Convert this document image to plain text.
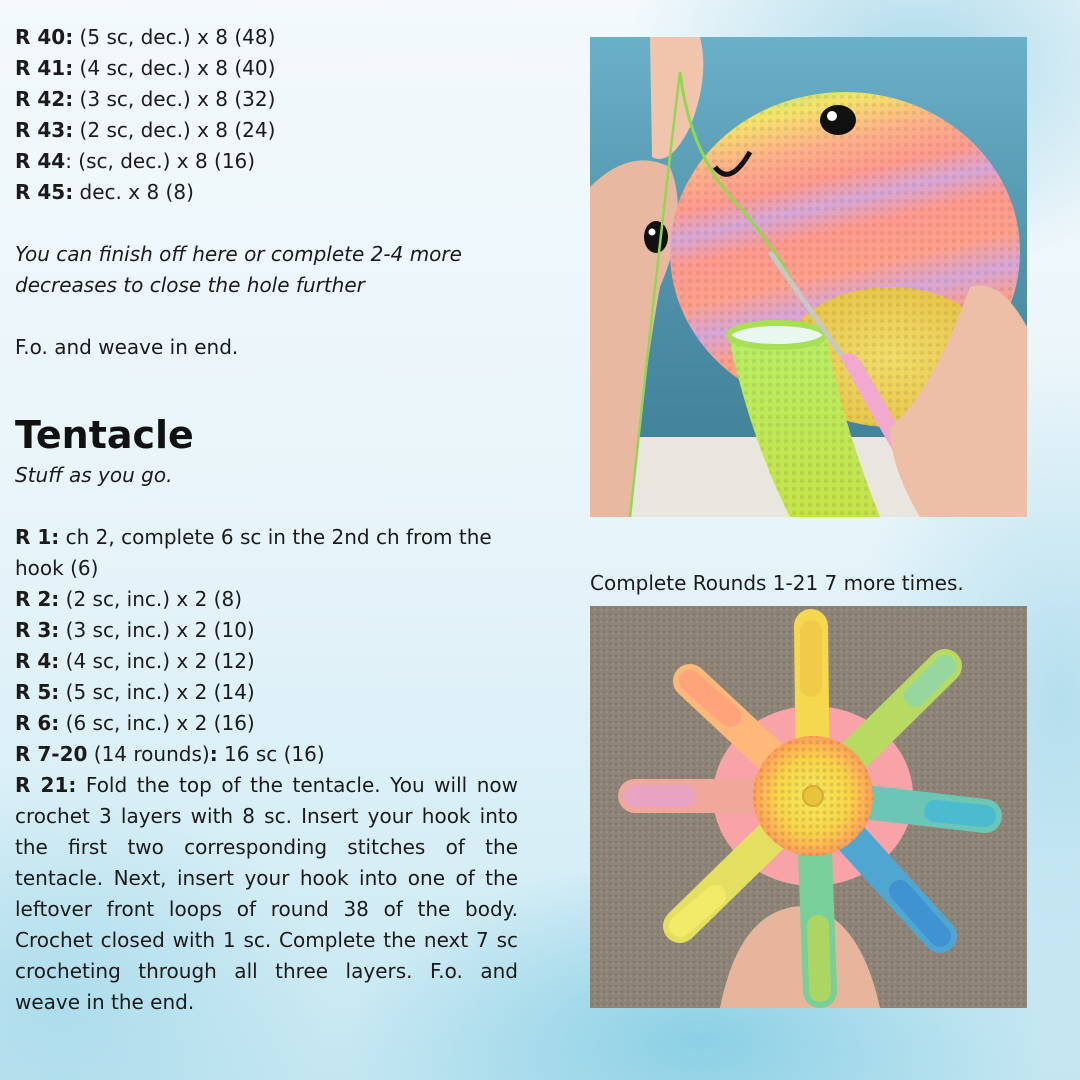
R 40: (5 sc, dec.) x 8 (48)

R 41: (4 sc, dec.) x 8 (40)

R 42: (3 sc, dec.) x 8 (32)

R 43: (2 sc, dec.) x 8 (24)

R 44: (sc, dec.) x 8 (16)

R 45: dec. x 8 (8)

You can finish off here or complete 2-4 more decreases to close the hole further

F.o. and weave in end.

Tentacle

Stuff as you go.

R 1: ch 2, complete 6 sc in the 2nd ch from the hook (6)

R 2: (2 sc, inc.) x 2 (8)

R 3: (3 sc, inc.) x 2 (10)

R 4: (4 sc, inc.) x 2 (12)

R 5: (5 sc, inc.) x 2 (14)

R 6: (6 sc, inc.) x 2 (16)

R 7-20 (14 rounds): 16 sc (16)

R 21: Fold the top of the tentacle. You will now crochet 3 layers with 8 sc. Insert your hook into the first two corresponding stitches of the tentacle. Next, insert your hook into one of the leftover front loops of round 38 of the body. Crochet closed with 1 sc. Complete the next 7 sc crocheting through all three layers. F.o. and weave in the end.

Complete Rounds 1-21 7 more times.
